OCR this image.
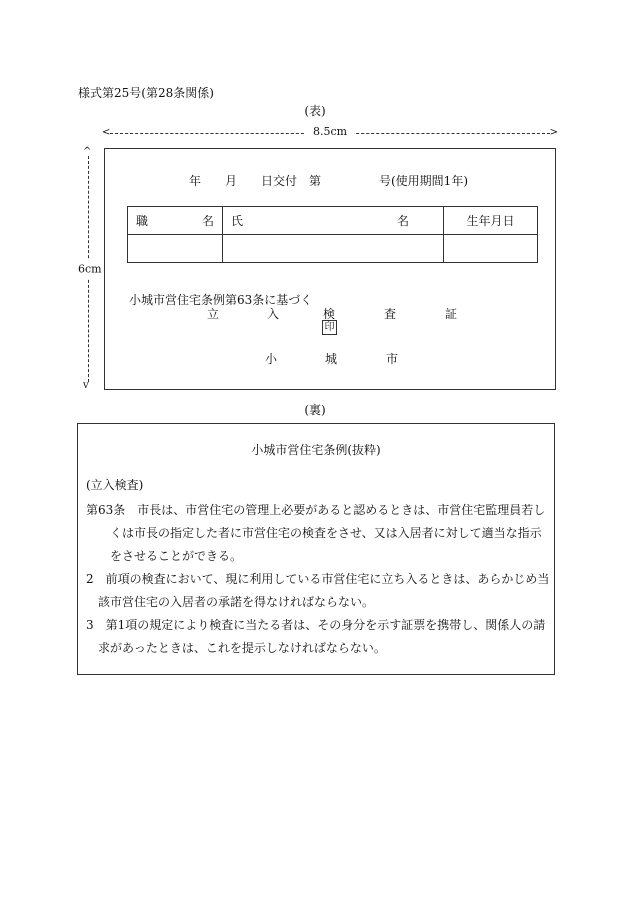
様式第25号(第28条関係)
(表)
<	>
8.5cm
^
v
6cm
年 月 日交付 第	号(使用期間1年)
職 名	氏 名	生年月日

小城市営住宅条例第63条に基づく
立	入	検	査	証
印
小	城	市
(裏)
小城市営住宅条例(抜粋)
(立入検査)

第63条　市長は、市営住宅の管理上必要があると認めるときは、市営住宅監理員若しくは市長の指定した者に市営住宅の検査をさせ、又は入居者に対して適当な指示をさせることができる。

2　前項の検査において、現に利用している市営住宅に立ち入るときは、あらかじめ当該市営住宅の入居者の承諾を得なければならない。

3　第1項の規定により検査に当たる者は、その身分を示す証票を携帯し、関係人の請求があったときは、これを提示しなければならない。
